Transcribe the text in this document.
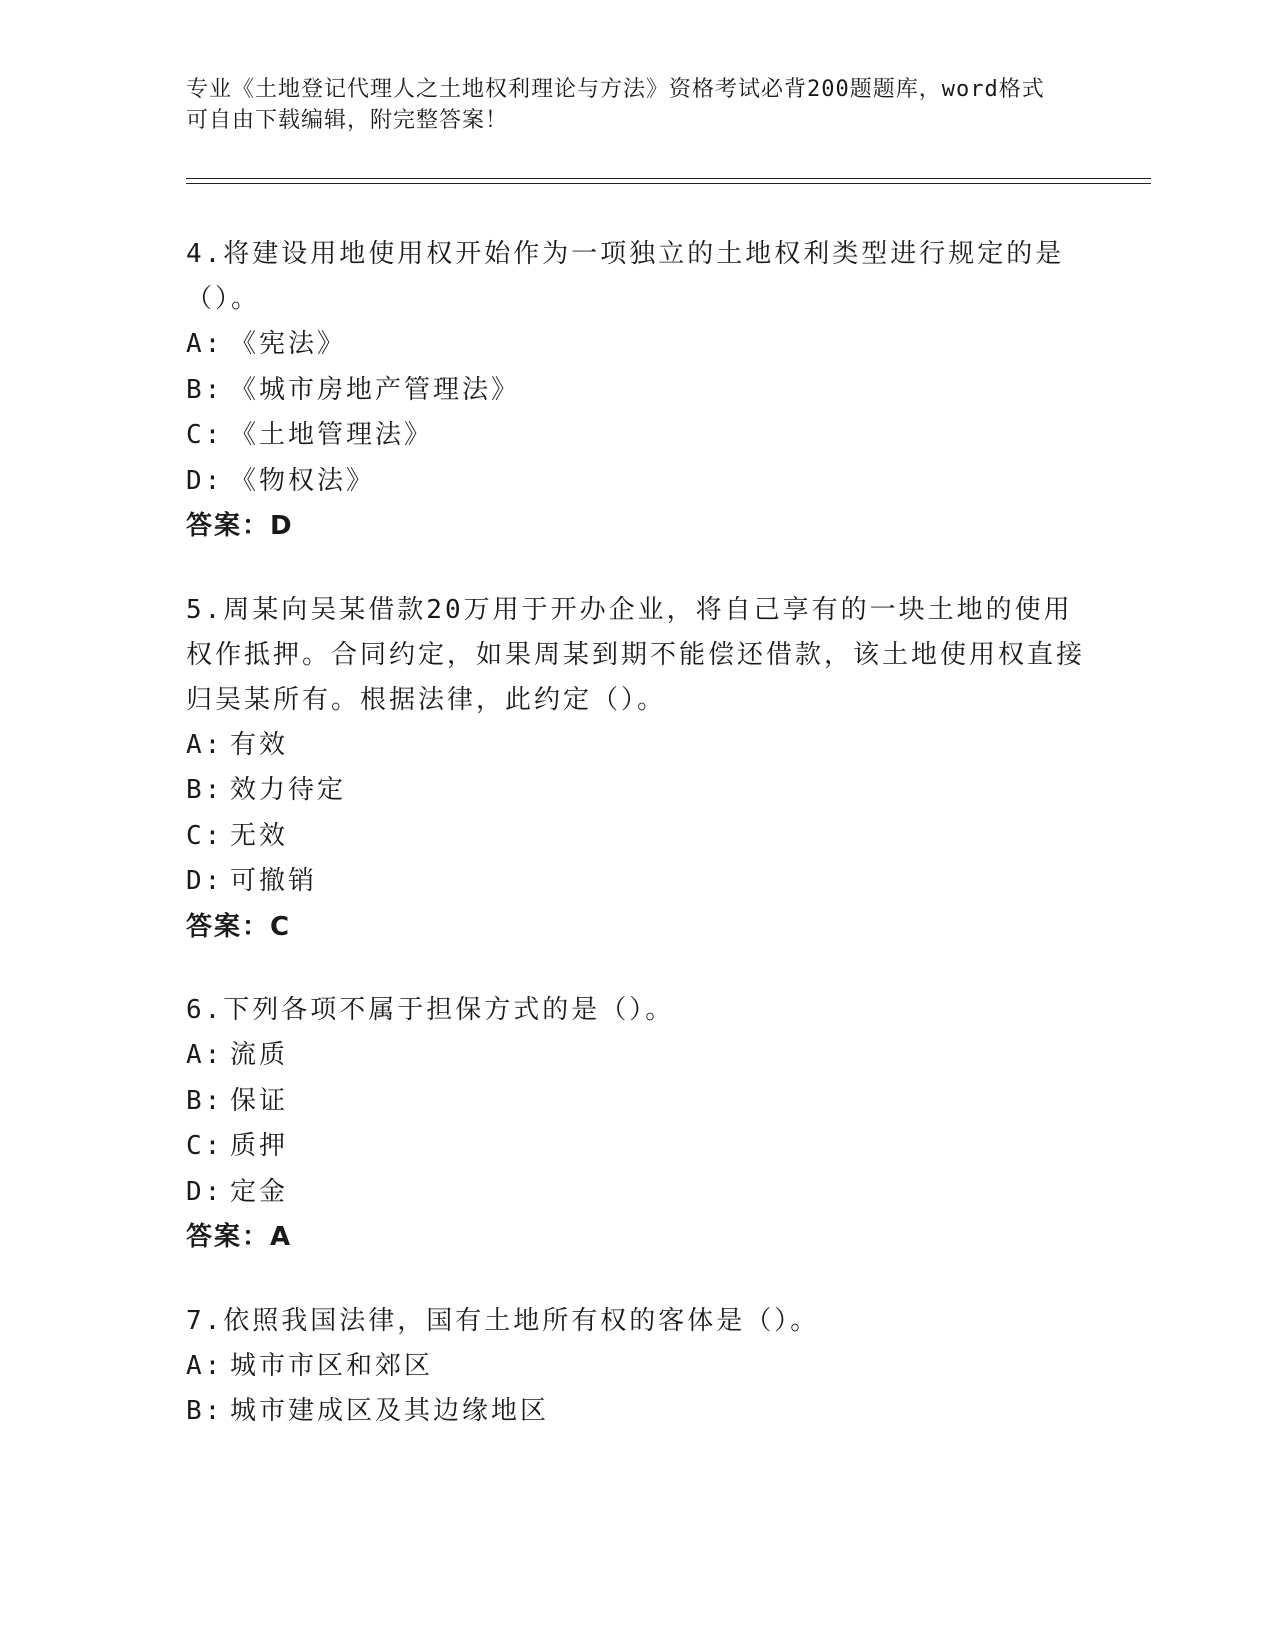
专业《土地登记代理人之土地权利理论与方法》资格考试必背200题题库，word格式可自由下载编辑，附完整答案！

4.将建设用地使用权开始作为一项独立的土地权利类型进行规定的是（）。

A: 《宪法》

B: 《城市房地产管理法》

C: 《土地管理法》

D: 《物权法》

答案：D

5.周某向吴某借款20万用于开办企业，将自己享有的一块土地的使用权作抵押。合同约定，如果周某到期不能偿还借款，该土地使用权直接归吴某所有。根据法律，此约定（）。

A: 有效

B: 效力待定

C: 无效

D: 可撤销

答案：C

6.下列各项不属于担保方式的是（）。

A: 流质

B: 保证

C: 质押

D: 定金

答案：A

7.依照我国法律，国有土地所有权的客体是（）。

A: 城市市区和郊区

B: 城市建成区及其边缘地区
